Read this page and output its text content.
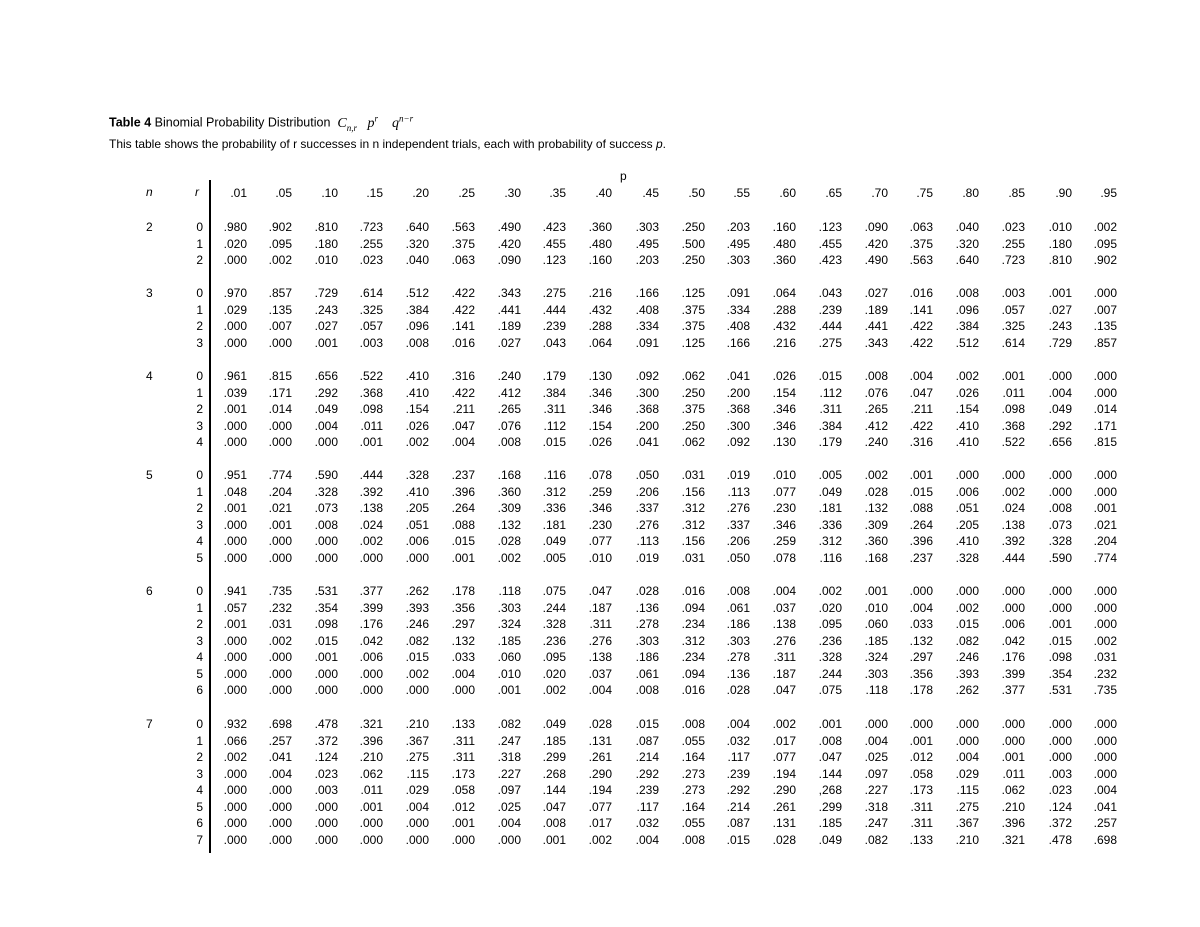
Table 4 Binomial Probability Distribution $C_{n,r}$ $p^r$ $q^{n-r}$
This table shows the probability of r successes in n independent trials, each with probability of success p.
p
n	r	.01	.05	.10	.15	.20	.25	.30	.35	.40	.45	.50	.55	.60	.65	.70	.75	.80	.85	.90	.95
2	0	.980	.902	.810	.723	.640	.563	.490	.423	.360	.303	.250	.203	.160	.123	.090	.063	.040	.023	.010	.002
1	.020	.095	.180	.255	.320	.375	.420	.455	.480	.495	.500	.495	.480	.455	.420	.375	.320	.255	.180	.095
2	.000	.002	.010	.023	.040	.063	.090	.123	.160	.203	.250	.303	.360	.423	.490	.563	.640	.723	.810	.902
3	0	.970	.857	.729	.614	.512	.422	.343	.275	.216	.166	.125	.091	.064	.043	.027	.016	.008	.003	.001	.000
1	.029	.135	.243	.325	.384	.422	.441	.444	.432	.408	.375	.334	.288	.239	.189	.141	.096	.057	.027	.007
2	.000	.007	.027	.057	.096	.141	.189	.239	.288	.334	.375	.408	.432	.444	.441	.422	.384	.325	.243	.135
3	.000	.000	.001	.003	.008	.016	.027	.043	.064	.091	.125	.166	.216	.275	.343	.422	.512	.614	.729	.857
4	0	.961	.815	.656	.522	.410	.316	.240	.179	.130	.092	.062	.041	.026	.015	.008	.004	.002	.001	.000	.000
1	.039	.171	.292	.368	.410	.422	.412	.384	.346	.300	.250	.200	.154	.112	.076	.047	.026	.011	.004	.000
2	.001	.014	.049	.098	.154	.211	.265	.311	.346	.368	.375	.368	.346	.311	.265	.211	.154	.098	.049	.014
3	.000	.000	.004	.011	.026	.047	.076	.112	.154	.200	.250	.300	.346	.384	.412	.422	.410	.368	.292	.171
4	.000	.000	.000	.001	.002	.004	.008	.015	.026	.041	.062	.092	.130	.179	.240	.316	.410	.522	.656	.815
5	0	.951	.774	.590	.444	.328	.237	.168	.116	.078	.050	.031	.019	.010	.005	.002	.001	.000	.000	.000	.000
1	.048	.204	.328	.392	.410	.396	.360	.312	.259	.206	.156	.113	.077	.049	.028	.015	.006	.002	.000	.000
2	.001	.021	.073	.138	.205	.264	.309	.336	.346	.337	.312	.276	.230	.181	.132	.088	.051	.024	.008	.001
3	.000	.001	.008	.024	.051	.088	.132	.181	.230	.276	.312	.337	.346	.336	.309	.264	.205	.138	.073	.021
4	.000	.000	.000	.002	.006	.015	.028	.049	.077	.113	.156	.206	.259	.312	.360	.396	.410	.392	.328	.204
5	.000	.000	.000	.000	.000	.001	.002	.005	.010	.019	.031	.050	.078	.116	.168	.237	.328	.444	.590	.774
6	0	.941	.735	.531	.377	.262	.178	.118	.075	.047	.028	.016	.008	.004	.002	.001	.000	.000	.000	.000	.000
1	.057	.232	.354	.399	.393	.356	.303	.244	.187	.136	.094	.061	.037	.020	.010	.004	.002	.000	.000	.000
2	.001	.031	.098	.176	.246	.297	.324	.328	.311	.278	.234	.186	.138	.095	.060	.033	.015	.006	.001	.000
3	.000	.002	.015	.042	.082	.132	.185	.236	.276	.303	.312	.303	.276	.236	.185	.132	.082	.042	.015	.002
4	.000	.000	.001	.006	.015	.033	.060	.095	.138	.186	.234	.278	.311	.328	.324	.297	.246	.176	.098	.031
5	.000	.000	.000	.000	.002	.004	.010	.020	.037	.061	.094	.136	.187	.244	.303	.356	.393	.399	.354	.232
6	.000	.000	.000	.000	.000	.000	.001	.002	.004	.008	.016	.028	.047	.075	.118	.178	.262	.377	.531	.735
7	0	.932	.698	.478	.321	.210	.133	.082	.049	.028	.015	.008	.004	.002	.001	.000	.000	.000	.000	.000	.000
1	.066	.257	.372	.396	.367	.311	.247	.185	.131	.087	.055	.032	.017	.008	.004	.001	.000	.000	.000	.000
2	.002	.041	.124	.210	.275	.311	.318	.299	.261	.214	.164	.117	.077	.047	.025	.012	.004	.001	.000	.000
3	.000	.004	.023	.062	.115	.173	.227	.268	.290	.292	.273	.239	.194	.144	.097	.058	.029	.011	.003	.000
4	.000	.000	.003	.011	.029	.058	.097	.144	.194	.239	.273	.292	.290	,268	.227	.173	.115	.062	.023	.004
5	.000	.000	.000	.001	.004	.012	.025	.047	.077	.117	.164	.214	.261	.299	.318	.311	.275	.210	.124	.041
6	.000	.000	.000	.000	.000	.001	.004	.008	.017	.032	.055	.087	.131	.185	.247	.311	.367	.396	.372	.257
7	.000	.000	.000	.000	.000	.000	.000	.001	.002	.004	.008	.015	.028	.049	.082	.133	.210	.321	.478	.698
